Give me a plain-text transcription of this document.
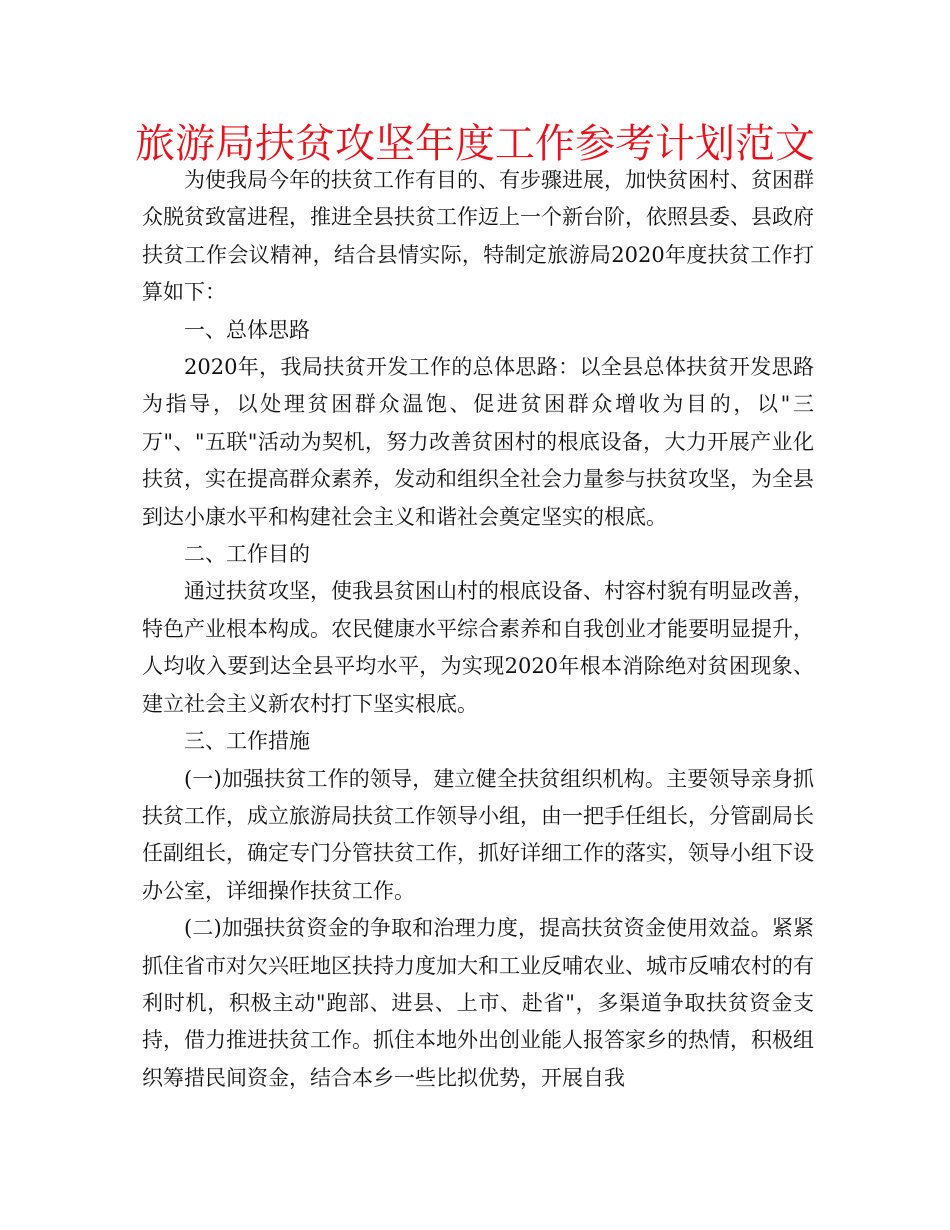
旅游局扶贫攻坚年度工作参考计划范文

为使我局今年的扶贫工作有目的、有步骤进展，加快贫困村、贫困群众脱贫致富进程，推进全县扶贫工作迈上一个新台阶，依照县委、县政府扶贫工作会议精神，结合县情实际，特制定旅游局2020年度扶贫工作打算如下：

一、总体思路

2020年，我局扶贫开发工作的总体思路：以全县总体扶贫开发思路为指导，以处理贫困群众温饱、促进贫困群众增收为目的，以"三万"、"五联"活动为契机，努力改善贫困村的根底设备，大力开展产业化扶贫，实在提高群众素养，发动和组织全社会力量参与扶贫攻坚，为全县到达小康水平和构建社会主义和谐社会奠定坚实的根底。

二、工作目的

通过扶贫攻坚，使我县贫困山村的根底设备、村容村貌有明显改善，特色产业根本构成。农民健康水平综合素养和自我创业才能要明显提升，人均收入要到达全县平均水平，为实现2020年根本消除绝对贫困现象、建立社会主义新农村打下坚实根底。

三、工作措施

(一)加强扶贫工作的领导，建立健全扶贫组织机构。主要领导亲身抓扶贫工作，成立旅游局扶贫工作领导小组，由一把手任组长，分管副局长任副组长，确定专门分管扶贫工作，抓好详细工作的落实，领导小组下设办公室，详细操作扶贫工作。

(二)加强扶贫资金的争取和治理力度，提高扶贫资金使用效益。紧紧抓住省市对欠兴旺地区扶持力度加大和工业反哺农业、城市反哺农村的有利时机，积极主动"跑部、进县、上市、赴省"，多渠道争取扶贫资金支持，借力推进扶贫工作。抓住本地外出创业能人报答家乡的热情，积极组织筹措民间资金，结合本乡一些比拟优势，开展自我
